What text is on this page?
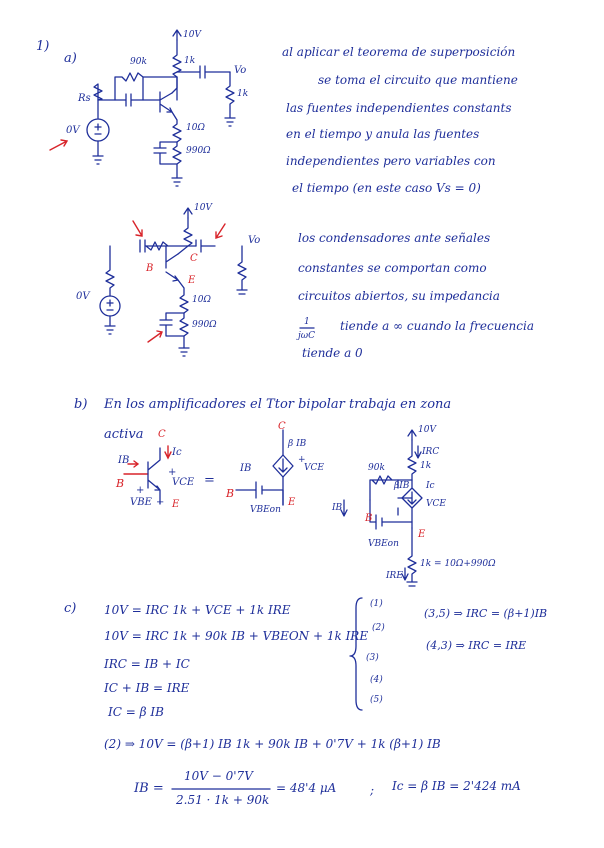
1)
a)	90k	1k
10V
Vo
1k
Rs
0V	10Ω
990Ω
al aplicar el teorema de superposición
se toma el circuito que mantiene
las fuentes independientes constants
en el tiempo y anula las fuentes
independientes pero variables con
el tiempo (en este caso Vs = 0)
10V
Vo
C
B
E
0V	10Ω
990Ω
los condensadores ante señales
constantes se comportan como
circuitos abiertos, su impedancia
1
jωC
tiende a ∞ cuando la frecuencia
tiende a 0
b) En los amplificadores el Ttor bipolar trabaja en zona
activa C
Ic
IB
B
+
VCE
+
VBE − E
=
C
β IB
+
VCE
IB
B
VBEon
E
10V
IRC
90k	1k
βIB Ic
VCE
IB
B
E
VBEon
1k = 10Ω+990Ω
IRE
c) 10V = IRC 1k + VCE + 1k IRE
10V = IRC 1k + 90k IB + VBEON + 1k IRE
IRC = IB + IC
IC + IB = IRE
IC = β IB
(1)
(2)
(3)
(4)
(5)
(3,5) ⇒ IRC = (β+1)IB
(4,3) ⇒ IRC = IRE
(2) ⇒ 10V = (β+1) IB 1k + 90k IB + 0'7V + 1k (β+1) IB
IB =
10V − 0'7V
2.51 · 1k + 90k
= 48'4 μA	; Ic = β IB = 2'424 mA
